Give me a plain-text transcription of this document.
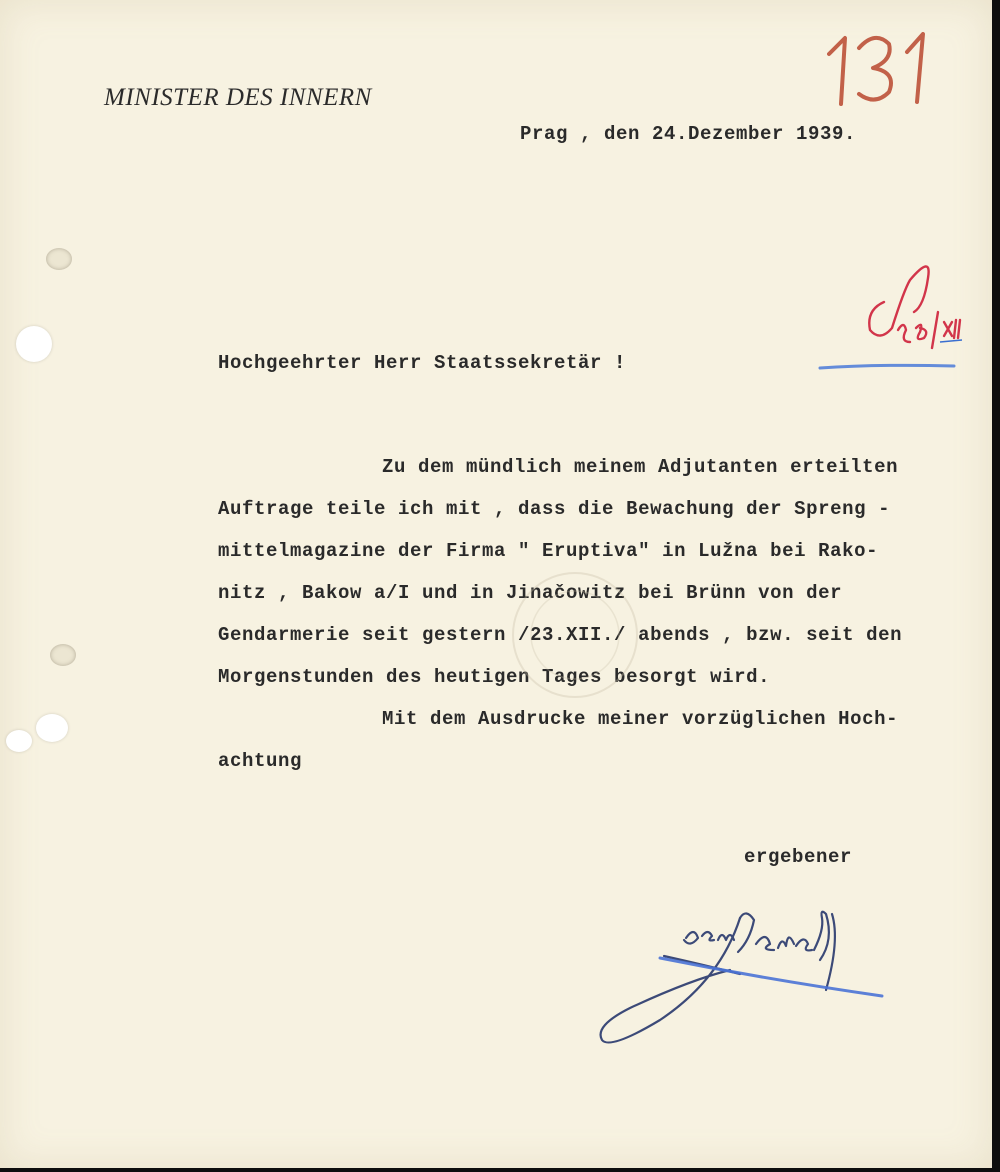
MINISTER DES INNERN
Prag , den 24.Dezember 1939.
Hochgeehrter Herr Staatssekretär !
Zu dem mündlich meinem Adjutanten erteilten
Auftrage teile ich mit , dass die Bewachung der Spreng -
mittelmagazine der Firma " Eruptiva" in Lužna bei Rako-
nitz , Bakow a/I und in Jinačowitz bei Brünn von der
Gendarmerie seit gestern /23.XII./ abends , bzw. seit den
Morgenstunden des heutigen Tages besorgt wird.
Mit dem Ausdrucke meiner vorzüglichen Hoch-
achtung
ergebener
